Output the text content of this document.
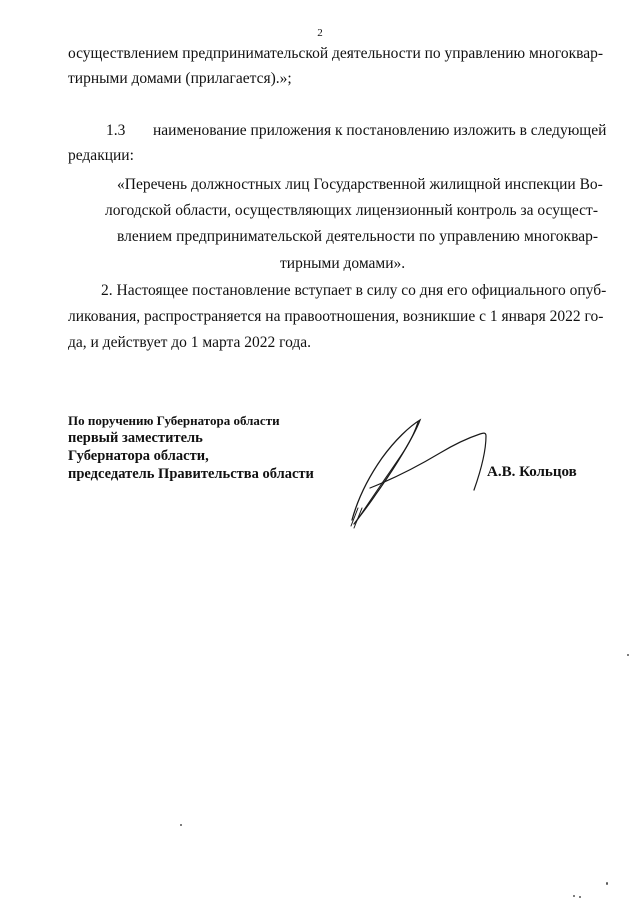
2
осуществлением предпринимательской деятельности по управлению многоквар-
тирными домами (прилагается).»;
1.3 наименование приложения к постановлению изложить в следующей
редакции:
«Перечень должностных лиц Государственной жилищной инспекции Во-
логодской области, осуществляющих лицензионный контроль за осущест-
влением предпринимательской деятельности по управлению многоквар-
тирными домами».
2. Настоящее постановление вступает в силу со дня его официального опуб-
ликования, распространяется на правоотношения, возникшие с 1 января 2022 го-
да, и действует до 1 марта 2022 года.
По поручению Губернатора области
первый заместитель
Губернатора области,
председатель Правительства области	А.В. Кольцов
